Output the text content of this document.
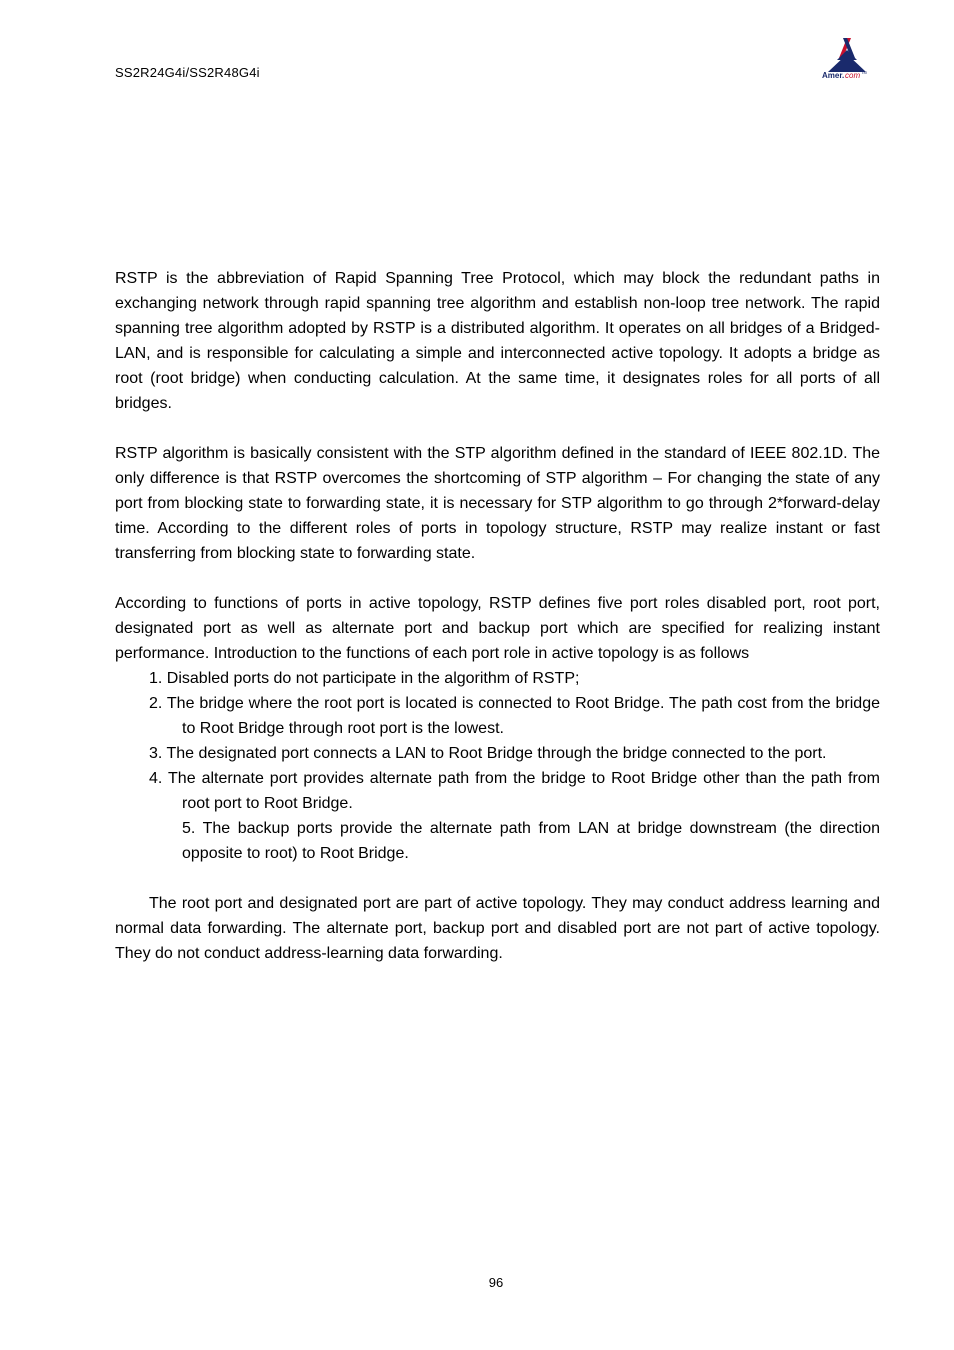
SS2R24G4i/SS2R48G4i	Amer. com TM

RSTP is the abbreviation of Rapid Spanning Tree Protocol, which may block the redundant paths in exchanging network through rapid spanning tree algorithm and establish non-loop tree network. The rapid spanning tree algorithm adopted by RSTP is a distributed algorithm. It operates on all bridges of a Bridged-LAN, and is responsible for calculating a simple and interconnected active topology. It adopts a bridge as root (root bridge) when conducting calculation. At the same time, it designates roles for all ports of all bridges.

RSTP algorithm is basically consistent with the STP algorithm defined in the standard of IEEE 802.1D. The only difference is that RSTP overcomes the shortcoming of STP algorithm – For changing the state of any port from blocking state to forwarding state, it is necessary for STP algorithm to go through 2*forward-delay time. According to the different roles of ports in topology structure, RSTP may realize instant or fast transferring from blocking state to forwarding state.

According to functions of ports in active topology, RSTP defines five port roles disabled port, root port, designated port as well as alternate port and backup port which are specified for realizing instant performance. Introduction to the functions of each port role in active topology is as follows

1. Disabled ports do not participate in the algorithm of RSTP;
2. The bridge where the root port is located is connected to Root Bridge. The path cost from the bridge to Root Bridge through root port is the lowest.
3. The designated port connects a LAN to Root Bridge through the bridge connected to the port.
4. The alternate port provides alternate path from the bridge to Root Bridge other than the path from root port to Root Bridge.
5. The backup ports provide the alternate path from LAN at bridge downstream (the direction opposite to root) to Root Bridge.

The root port and designated port are part of active topology. They may conduct address learning and normal data forwarding. The alternate port, backup port and disabled port are not part of active topology. They do not conduct address-learning data forwarding.

96
